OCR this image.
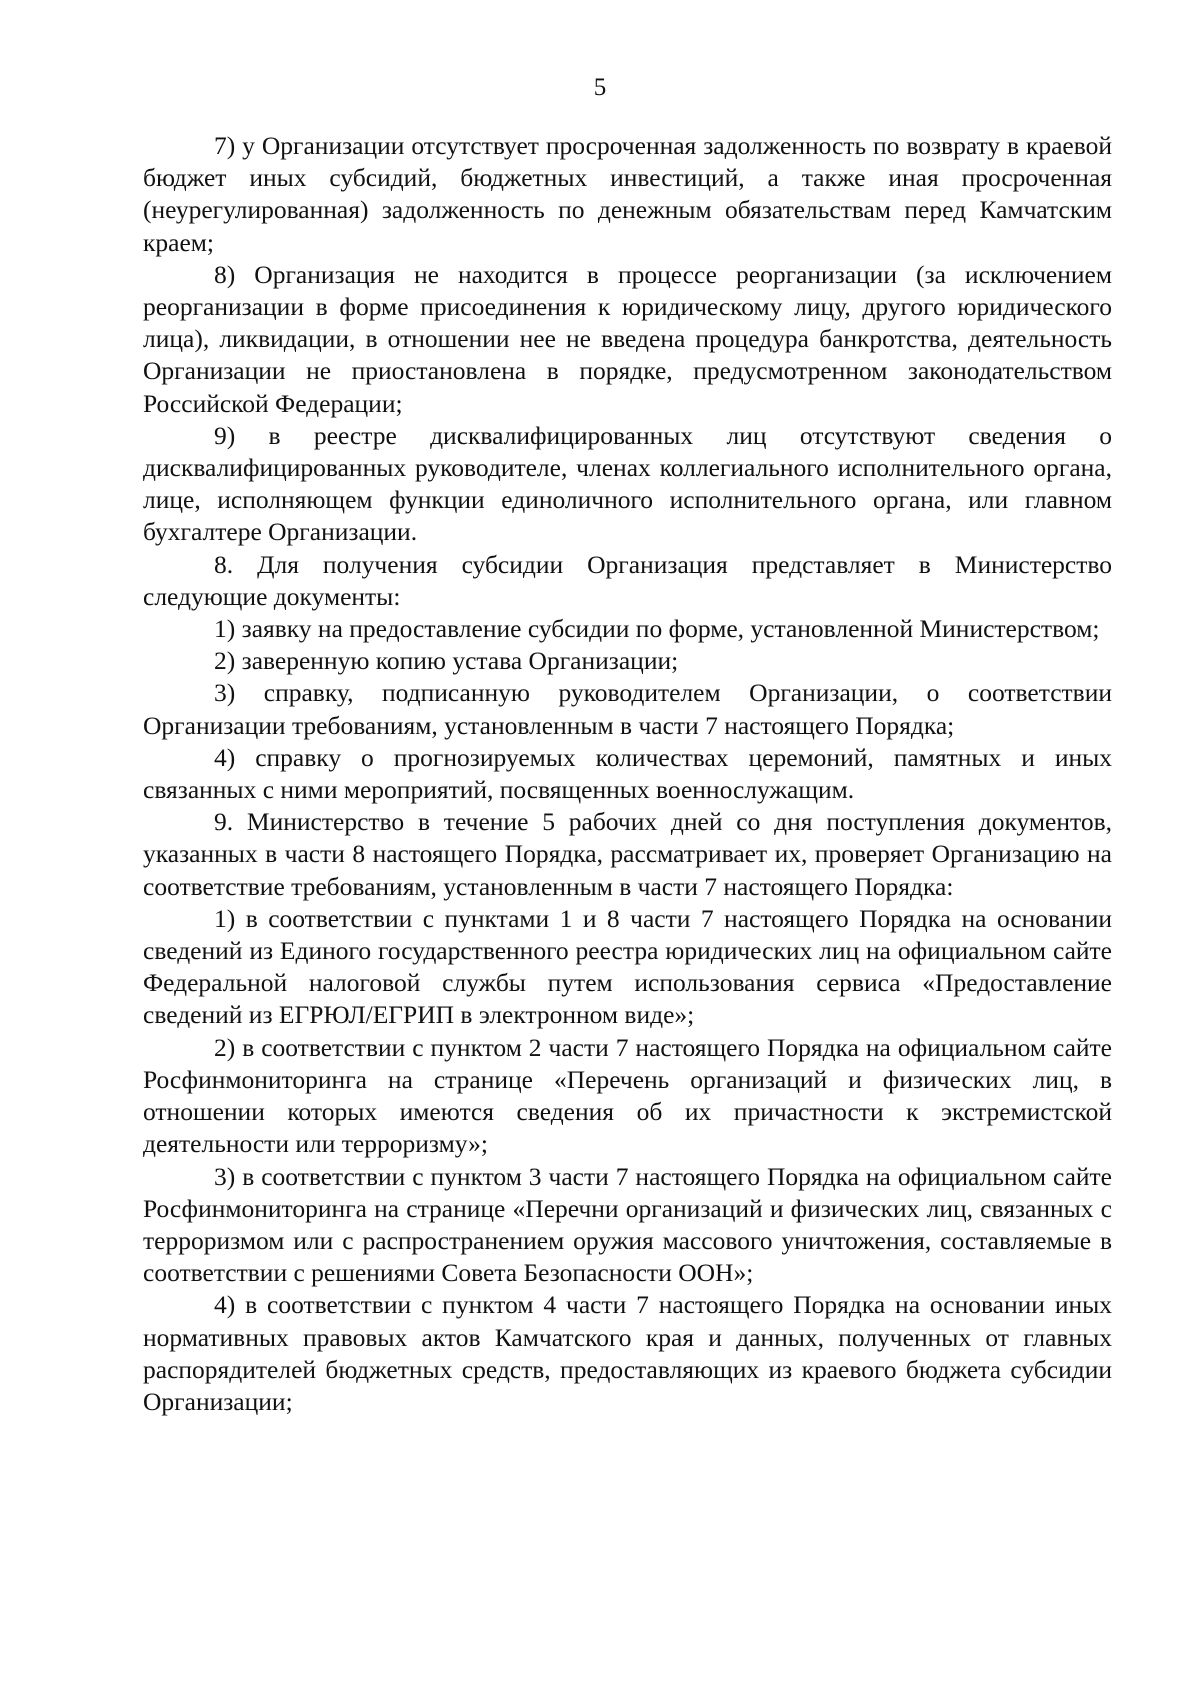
5

7) у Организации отсутствует просроченная задолженность по возврату в краевой бюджет иных субсидий, бюджетных инвестиций, а также иная просроченная (неурегулированная) задолженность по денежным обязательствам перед Камчатским краем;

8) Организация не находится в процессе реорганизации (за исключением реорганизации в форме присоединения к юридическому лицу, другого юридического лица), ликвидации, в отношении нее не введена процедура банкротства, деятельность Организации не приостановлена в порядке, предусмотренном законодательством Российской Федерации;

9) в реестре дисквалифицированных лиц отсутствуют сведения о дисквалифицированных руководителе, членах коллегиального исполнительного органа, лице, исполняющем функции единоличного исполнительного органа, или главном бухгалтере Организации.

8. Для получения субсидии Организация представляет в Министерство следующие документы:

1) заявку на предоставление субсидии по форме, установленной Министерством;

2) заверенную копию устава Организации;

3) справку, подписанную руководителем Организации, о соответствии Организации требованиям, установленным в части 7 настоящего Порядка;

4) справку о прогнозируемых количествах церемоний, памятных и иных связанных с ними мероприятий, посвященных военнослужащим.

9. Министерство в течение 5 рабочих дней со дня поступления документов, указанных в части 8 настоящего Порядка, рассматривает их, проверяет Организацию на соответствие требованиям, установленным в части 7 настоящего Порядка:

1) в соответствии с пунктами 1 и 8 части 7 настоящего Порядка на основании сведений из Единого государственного реестра юридических лиц на официальном сайте Федеральной налоговой службы путем использования сервиса «Предоставление сведений из ЕГРЮЛ/ЕГРИП в электронном виде»;

2) в соответствии с пунктом 2 части 7 настоящего Порядка на официальном сайте Росфинмониторинга на странице «Перечень организаций и физических лиц, в отношении которых имеются сведения об их причастности к экстремистской деятельности или терроризму»;

3) в соответствии с пунктом 3 части 7 настоящего Порядка на официальном сайте Росфинмониторинга на странице «Перечни организаций и физических лиц, связанных с терроризмом или с распространением оружия массового уничтожения, составляемые в соответствии с решениями Совета Безопасности ООН»;

4) в соответствии с пунктом 4 части 7 настоящего Порядка на основании иных нормативных правовых актов Камчатского края и данных, полученных от главных распорядителей бюджетных средств, предоставляющих из краевого бюджета субсидии Организации;
